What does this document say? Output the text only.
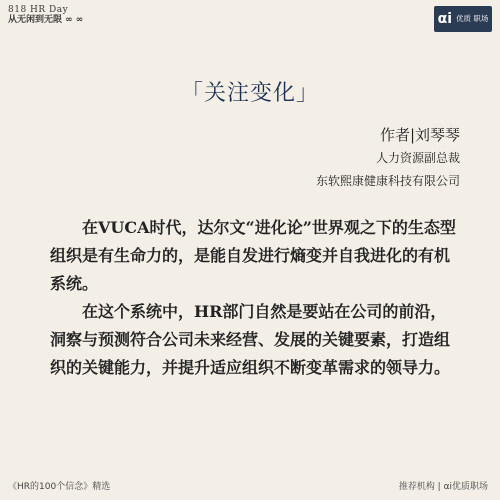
818 HR Day
从无闲到无限 ∞ ∞	αi 优质 职场
「关注变化」
作者|刘琴琴
人力资源副总裁
东软熙康健康科技有限公司

在VUCA时代，达尔文“进化论”世界观之下的生态型组织是有生命力的，是能自发进行熵变并自我进化的有机系统。

在这个系统中，HR部门自然是要站在公司的前沿，洞察与预测符合公司未来经营、发展的关键要素，打造组织的关键能力，并提升适应组织不断变革需求的领导力。

《HR的100个信念》精选	推荐机构 | αi优质职场
